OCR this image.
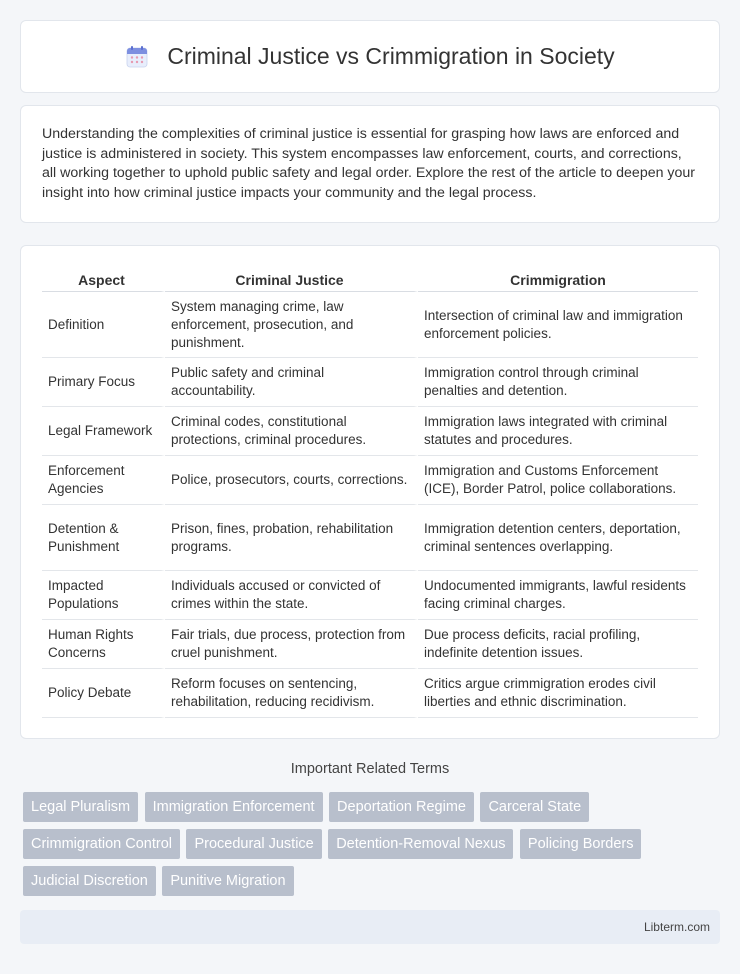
Criminal Justice vs Crimmigration in Society

Understanding the complexities of criminal justice is essential for grasping how laws are enforced and justice is administered in society. This system encompasses law enforcement, courts, and corrections, all working together to uphold public safety and legal order. Explore the rest of the article to deepen your insight into how criminal justice impacts your community and the legal process.

Aspect	Criminal Justice	Crimmigration
Definition	System managing crime, law enforcement, prosecution, and punishment.	Intersection of criminal law and immigration enforcement policies.
Primary Focus	Public safety and criminal accountability.	Immigration control through criminal penalties and detention.
Legal Framework	Criminal codes, constitutional protections, criminal procedures.	Immigration laws integrated with criminal statutes and procedures.
Enforcement Agencies	Police, prosecutors, courts, corrections.	Immigration and Customs Enforcement (ICE), Border Patrol, police collaborations.
Detention & Punishment	Prison, fines, probation, rehabilitation programs.	Immigration detention centers, deportation, criminal sentences overlapping.
Impacted Populations	Individuals accused or convicted of crimes within the state.	Undocumented immigrants, lawful residents facing criminal charges.
Human Rights Concerns	Fair trials, due process, protection from cruel punishment.	Due process deficits, racial profiling, indefinite detention issues.
Policy Debate	Reform focuses on sentencing, rehabilitation, reducing recidivism.	Critics argue crimmigration erodes civil liberties and ethnic discrimination.
Important Related Terms
Legal Pluralism Immigration Enforcement Deportation Regime Carceral State Crimmigration Control Procedural Justice Detention-Removal Nexus Policing Borders Judicial Discretion Punitive Migration
Libterm.com
